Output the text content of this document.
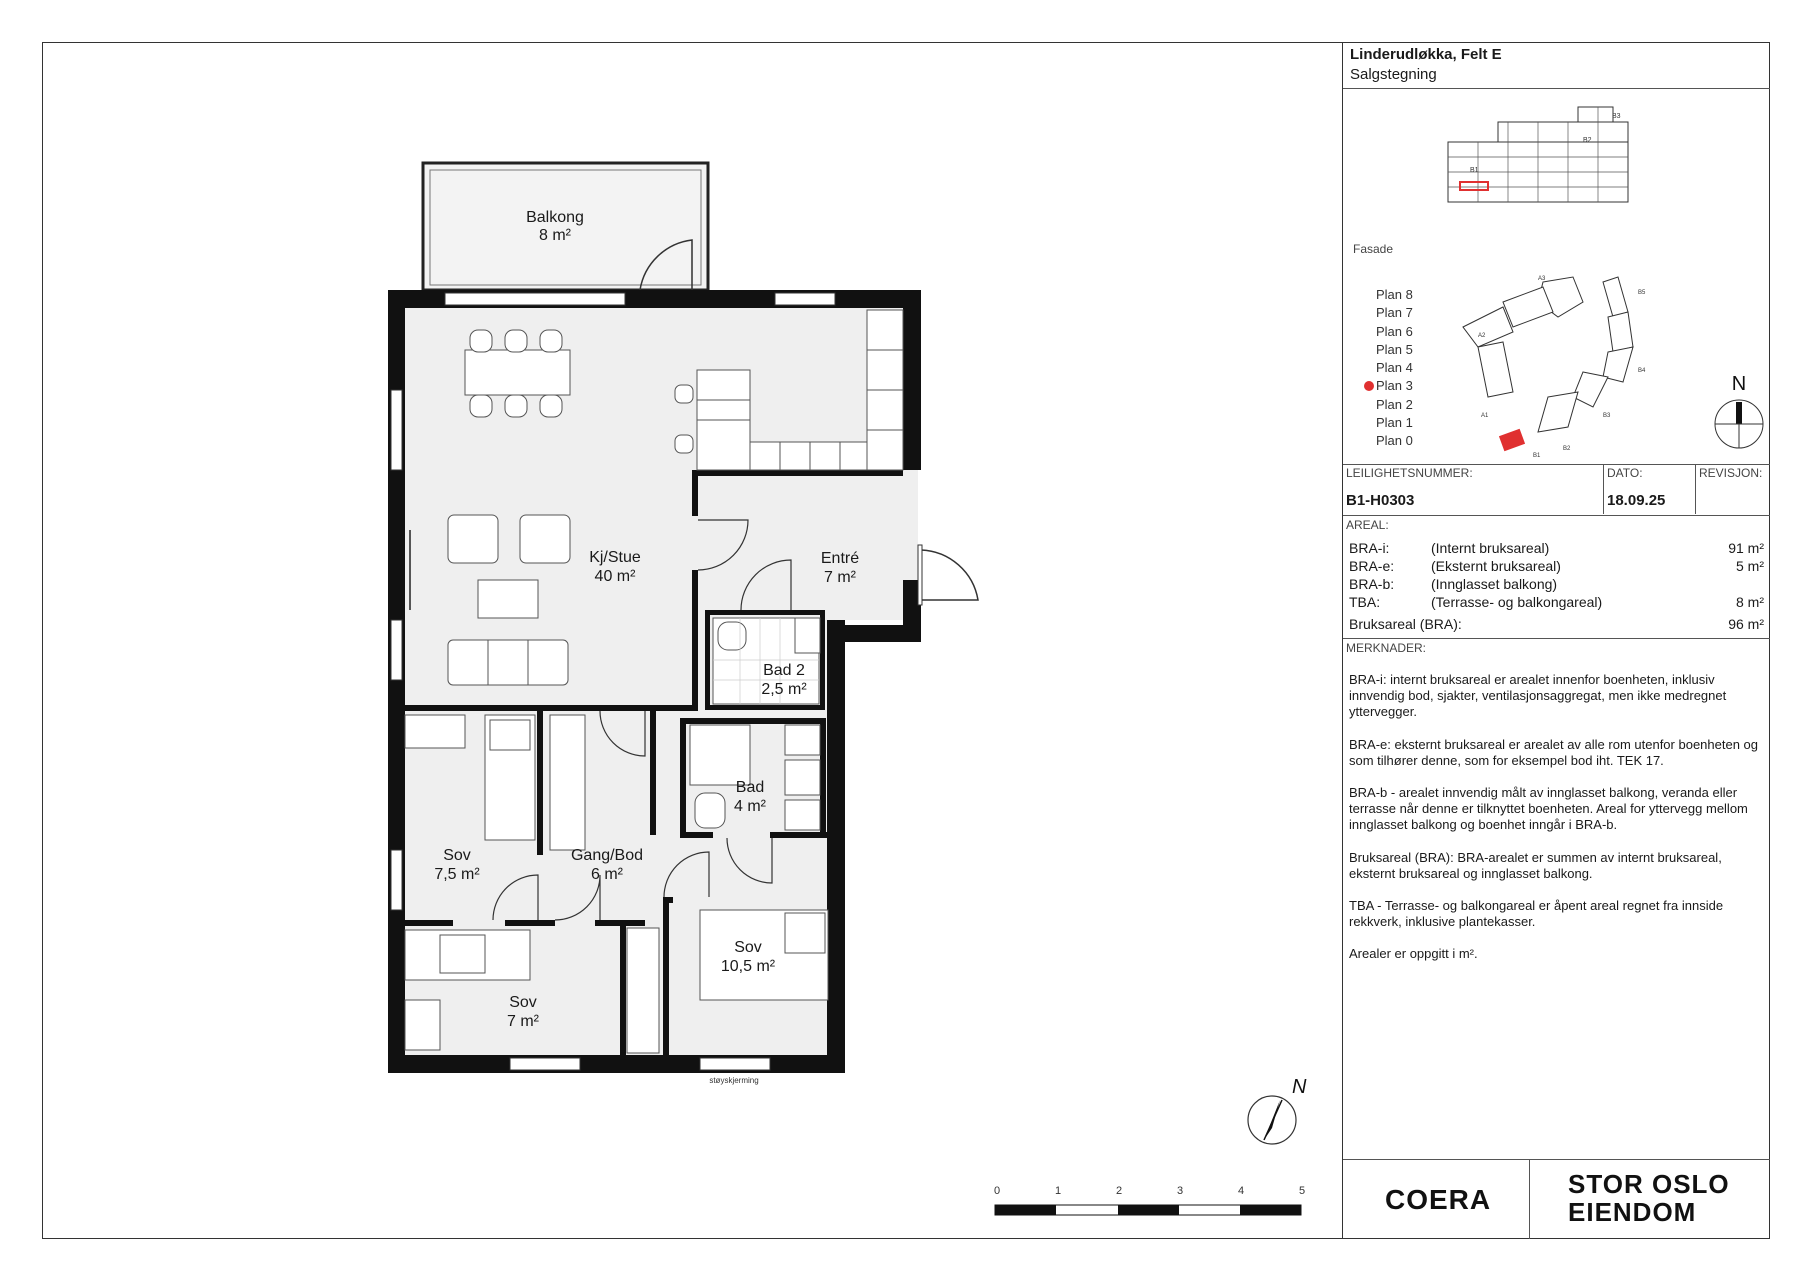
Balkong
8 m²
Kj/Stue
40 m²
Entré
7 m²
Bad 2
2,5 m²
Bad
4 m²
Sov
7,5 m²
Gang/Bod
6 m²
Sov
10,5 m²
Sov
7 m²
støyskjerming	N
0	1	2	3	4	5
Linderudløkka, Felt E
Salgstegning
B1
B2
B3
Fasade
Plan 8
Plan 7
Plan 6
Plan 5
Plan 4
Plan 3
Plan 2
Plan 1
Plan 0
A1
A2
A3
B1
B2
B3
B4
B5
N
LEILIGHETSNUMMER:
B1-H0303
DATO:
18.09.25
REVISJON:
AREAL:
BRA-i:	(Internt bruksareal)	91 m²
BRA-e:	(Eksternt bruksareal)	5 m²
BRA-b:	(Innglasset balkong)
TBA:	(Terrasse- og balkongareal)	8 m²
Bruksareal (BRA):	96 m²
MERKNADER:

BRA-i: internt bruksareal er arealet innenfor boenheten, inklusiv innvendig bod, sjakter, ventilasjonsaggregat, men ikke medregnet yttervegger.

BRA-e: eksternt bruksareal er arealet av alle rom utenfor boenheten og som tilhører denne, som for eksempel bod iht. TEK 17.

BRA-b - arealet innvendig målt av innglasset balkong, veranda eller terrasse når denne er tilknyttet boenheten. Areal for yttervegg mellom innglasset balkong og boenhet inngår i BRA-b.

Bruksareal (BRA): BRA-arealet er summen av internt bruksareal, eksternt bruksareal og innglasset balkong.

TBA - Terrasse- og balkongareal er åpent areal regnet fra innside rekkverk, inklusive plantekasser.

Arealer er oppgitt i m².

COERA	STOR OSLO
EIENDOM
